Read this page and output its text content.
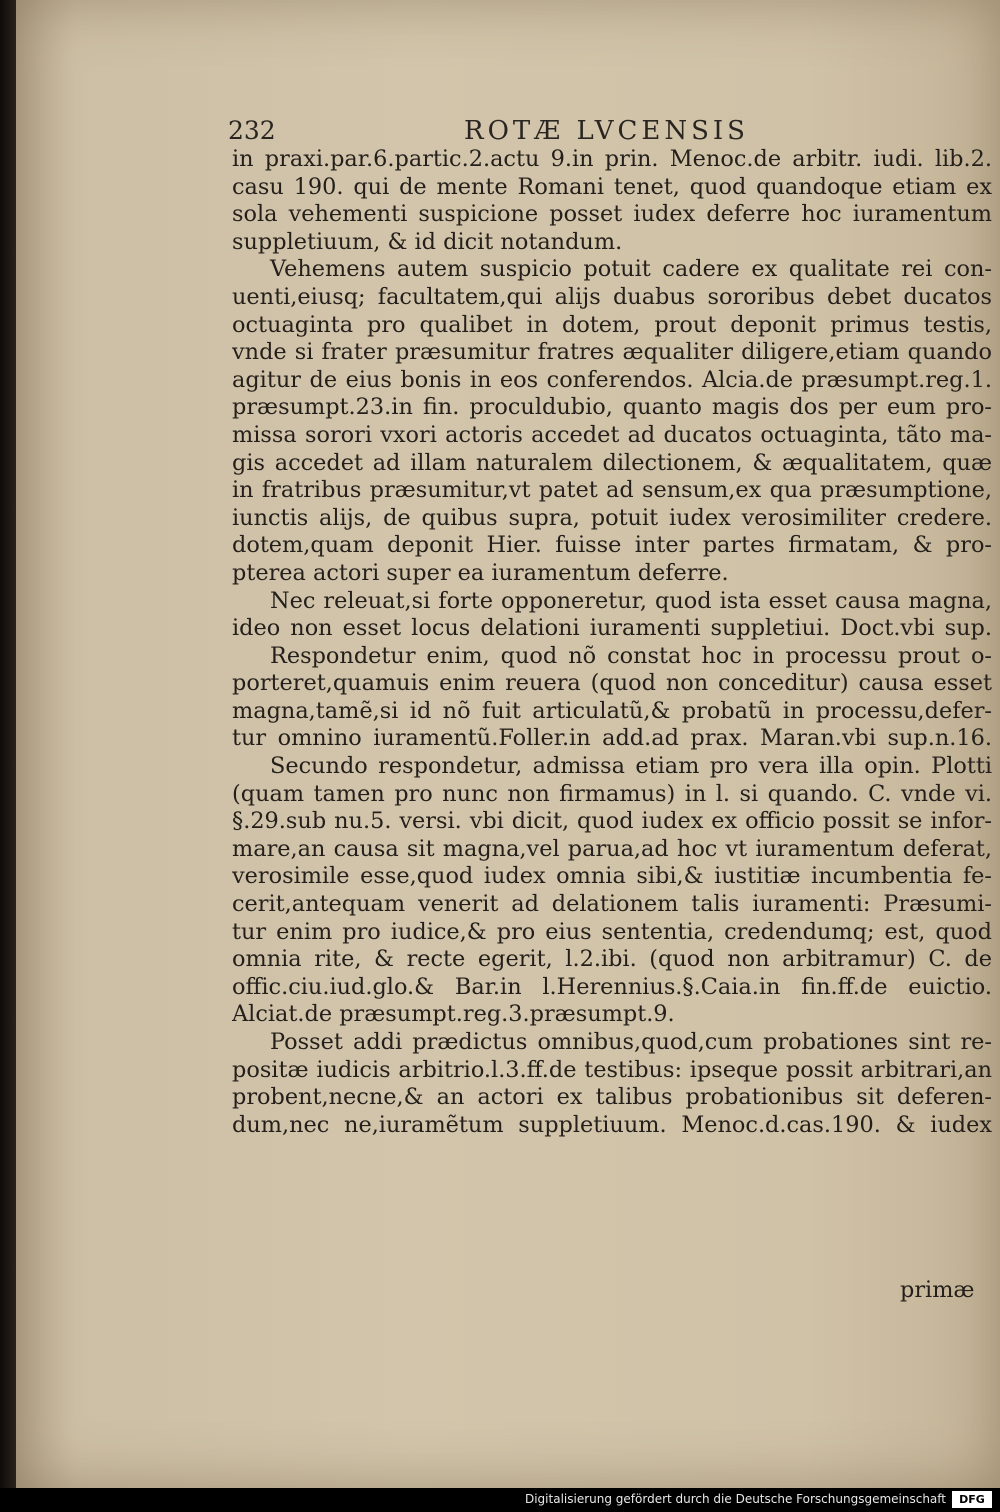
232	ROTÆ LVCENSIS
in praxi.par.6.partic.2.actu 9.in prin. Menoc.de arbitr. iudi. lib.2.
casu 190. qui de mente Romani tenet, quod quandoque etiam ex
sola vehementi suspicione posset iudex deferre hoc iuramentum
suppletiuum, & id dicit notandum.
Vehemens autem suspicio potuit cadere ex qualitate rei con-
uenti,eiusq; facultatem,qui alijs duabus sororibus debet ducatos
octuaginta pro qualibet in dotem, prout deponit primus testis,
vnde si frater præsumitur fratres æqualiter diligere,etiam quando
agitur de eius bonis in eos conferendos. Alcia.de præsumpt.reg.1.
præsumpt.23.in fin. proculdubio, quanto magis dos per eum pro-
missa sorori vxori actoris accedet ad ducatos octuaginta, tãto ma-
gis accedet ad illam naturalem dilectionem, & æqualitatem, quæ
in fratribus præsumitur,vt patet ad sensum,ex qua præsumptione,
iunctis alijs, de quibus supra, potuit iudex verosimiliter credere.
dotem,quam deponit Hier. fuisse inter partes firmatam, & pro-
pterea actori super ea iuramentum deferre.
Nec releuat,si forte opponeretur, quod ista esset causa magna,
ideo non esset locus delationi iuramenti suppletiui. Doct.vbi sup.
Respondetur enim, quod nõ constat hoc in processu prout o-
porteret,quamuis enim reuera (quod non conceditur) causa esset
magna,tamẽ,si id nõ fuit articulatũ,& probatũ in processu,defer-
tur omnino iuramentũ.Foller.in add.ad prax. Maran.vbi sup.n.16.
Secundo respondetur, admissa etiam pro vera illa opin. Plotti
(quam tamen pro nunc non firmamus) in l. si quando. C. vnde vi.
§.29.sub nu.5. versi. vbi dicit, quod iudex ex officio possit se infor-
mare,an causa sit magna,vel parua,ad hoc vt iuramentum deferat,
verosimile esse,quod iudex omnia sibi,& iustitiæ incumbentia fe-
cerit,antequam venerit ad delationem talis iuramenti: Præsumi-
tur enim pro iudice,& pro eius sententia, credendumq; est, quod
omnia rite, & recte egerit, l.2.ibi. (quod non arbitramur) C. de
offic.ciu.iud.glo.& Bar.in l.Herennius.§.Caia.in fin.ff.de euictio.
Alciat.de præsumpt.reg.3.præsumpt.9.
Posset addi prædictus omnibus,quod,cum probationes sint re-
positæ iudicis arbitrio.l.3.ff.de testibus: ipseque possit arbitrari,an
probent,necne,& an actori ex talibus probationibus sit deferen-
dum,nec ne,iuramẽtum suppletiuum. Menoc.d.cas.190. & iudex
primæ
Digitalisierung gefördert durch die Deutsche Forschungsgemeinschaft	DFG
